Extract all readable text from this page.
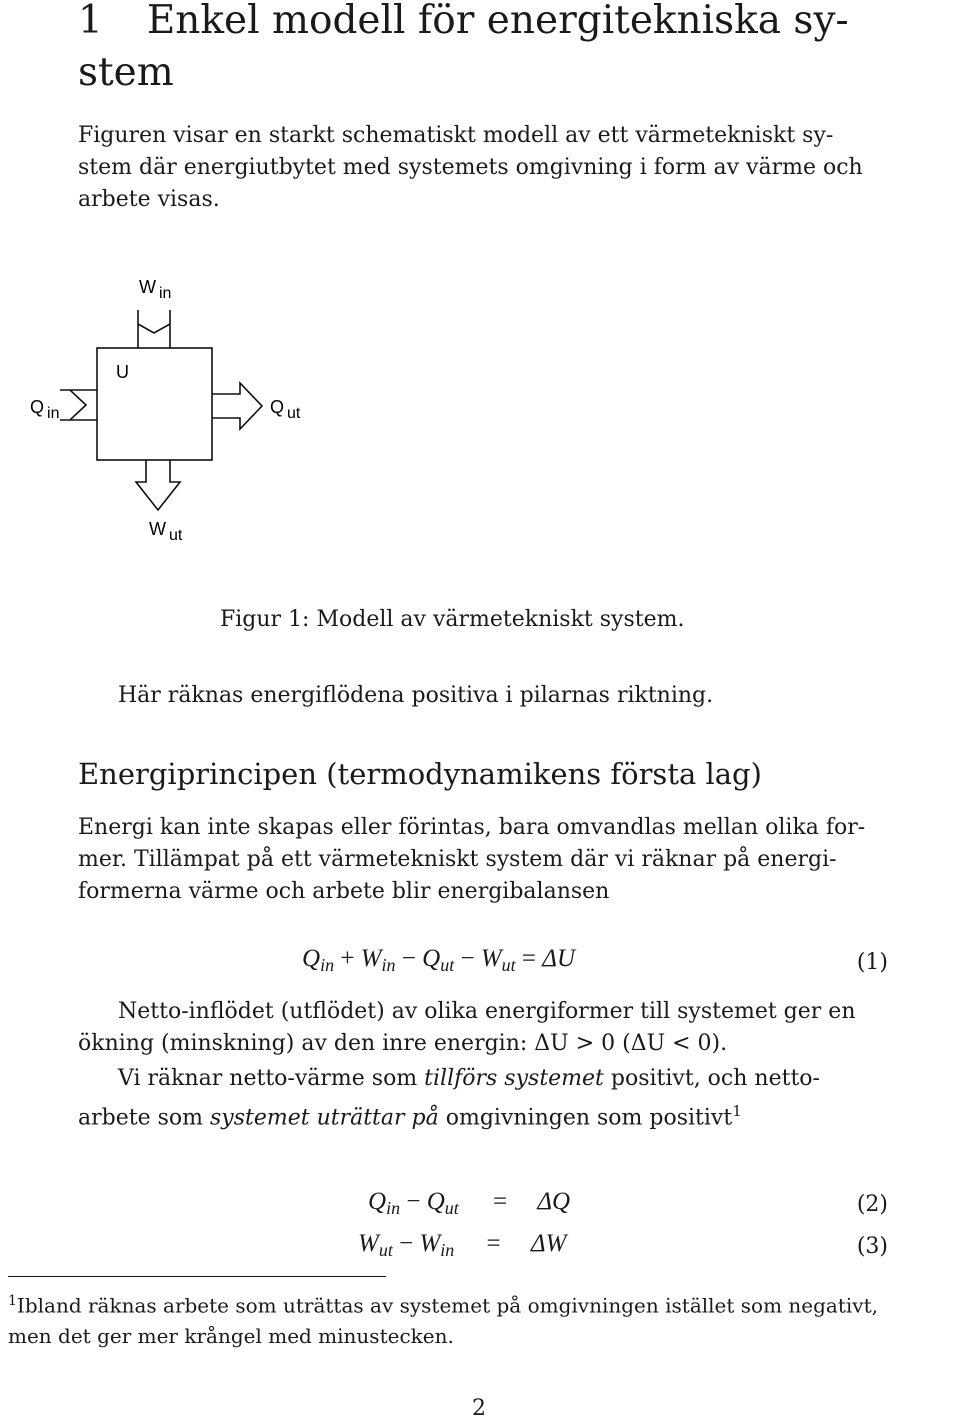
1 Enkel modell för energitekniska sy-
stem
Figuren visar en starkt schematiskt modell av ett värmetekniskt sy-
stem där energiutbytet med systemets omgivning i form av värme och
arbete visas.
W in
U
Q in	Q ut
W ut
Figur 1: Modell av värmetekniskt system.
Här räknas energiflödena positiva i pilarnas riktning.
Energiprincipen (termodynamikens första lag)
Energi kan inte skapas eller förintas, bara omvandlas mellan olika for-
mer. Tillämpat på ett värmetekniskt system där vi räknar på energi-
formerna värme och arbete blir energibalansen
$Q_{in} + W_{in} - Q_{ut} - W_{ut} = \Delta U$	(1)
Netto-inflödet (utflödet) av olika energiformer till systemet ger en
ökning (minskning) av den inre energin: ΔU > 0 (ΔU < 0).
Vi räknar netto-värme som tillförs systemet positivt, och netto-
arbete som systemet uträttar på omgivningen som positivt$^1$
$Q_{in} - Q_{ut} = \Delta Q$	(2)
$W_{ut} - W_{in} = \Delta W$	(3)
$^1$Ibland räknas arbete som uträttas av systemet på omgivningen istället som negativt,
men det ger mer krångel med minustecken.
2
